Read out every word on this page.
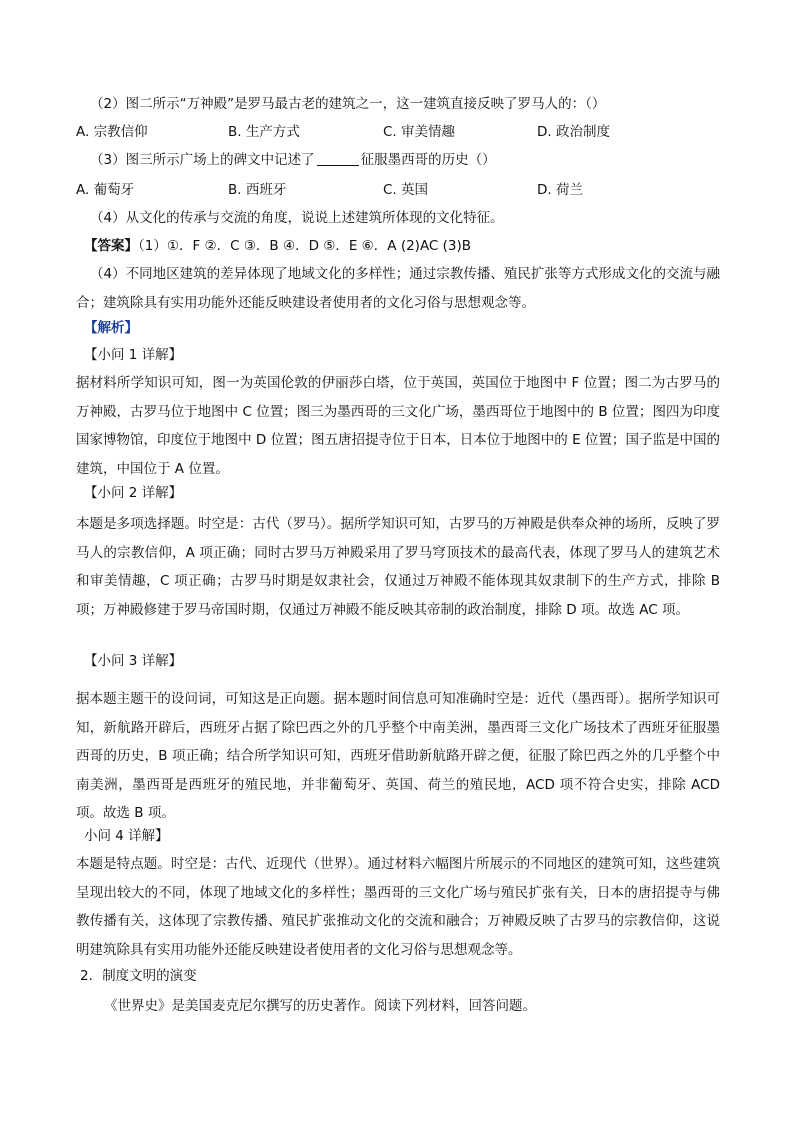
（2）图二所示“万神殿”是罗马最古老的建筑之一，这一建筑直接反映了罗马人的：（）
A. 宗教信仰	B. 生产方式	C. 审美情趣	D. 政治制度
（3）图三所示广场上的碑文中记述了	征服墨西哥的历史（）
A. 葡萄牙	B. 西班牙	C. 英国	D. 荷兰
（4）从文化的传承与交流的角度，说说上述建筑所体现的文化特征。
【答案】（1）①．F ②．C ③．B ④．D ⑤．E ⑥．A (2)AC (3)B
（4）不同地区建筑的差异体现了地域文化的多样性；通过宗教传播、殖民扩张等方式形成文化的交流与融合；建筑除具有实用功能外还能反映建设者使用者的文化习俗与思想观念等。
【解析】
【小问 1 详解】
据材料所学知识可知，图一为英国伦敦的伊丽莎白塔，位于英国，英国位于地图中 F 位置；图二为古罗马的万神殿，古罗马位于地图中 C 位置；图三为墨西哥的三文化广场，墨西哥位于地图中的 B 位置；图四为印度国家博物馆，印度位于地图中 D 位置；图五唐招提寺位于日本，日本位于地图中的 E 位置；国子监是中国的建筑，中国位于 A 位置。
【小问 2 详解】
本题是多项选择题。时空是：古代（罗马）。据所学知识可知，古罗马的万神殿是供奉众神的场所，反映了罗马人的宗教信仰，A 项正确；同时古罗马万神殿采用了罗马穹顶技术的最高代表，体现了罗马人的建筑艺术和审美情趣，C 项正确；古罗马时期是奴隶社会，仅通过万神殿不能体现其奴隶制下的生产方式，排除 B 项；万神殿修建于罗马帝国时期，仅通过万神殿不能反映其帝制的政治制度，排除 D 项。故选 AC 项。
【小问 3 详解】
据本题主题干的设问词，可知这是正向题。据本题时间信息可知准确时空是：近代（墨西哥）。据所学知识可知，新航路开辟后，西班牙占据了除巴西之外的几乎整个中南美洲，墨西哥三文化广场技术了西班牙征服墨西哥的历史，B 项正确；结合所学知识可知，西班牙借助新航路开辟之便，征服了除巴西之外的几乎整个中南美洲，墨西哥是西班牙的殖民地，并非葡萄牙、英国、荷兰的殖民地，ACD 项不符合史实，排除 ACD 项。故选 B 项。
小问 4 详解】
本题是特点题。时空是：古代、近现代（世界）。通过材料六幅图片所展示的不同地区的建筑可知，这些建筑呈现出较大的不同，体现了地域文化的多样性；墨西哥的三文化广场与殖民扩张有关，日本的唐招提寺与佛教传播有关，这体现了宗教传播、殖民扩张推动文化的交流和融合；万神殿反映了古罗马的宗教信仰，这说明建筑除具有实用功能外还能反映建设者使用者的文化习俗与思想观念等。
2．制度文明的演变
《世界史》是美国麦克尼尔撰写的历史著作。阅读下列材料，回答问题。
